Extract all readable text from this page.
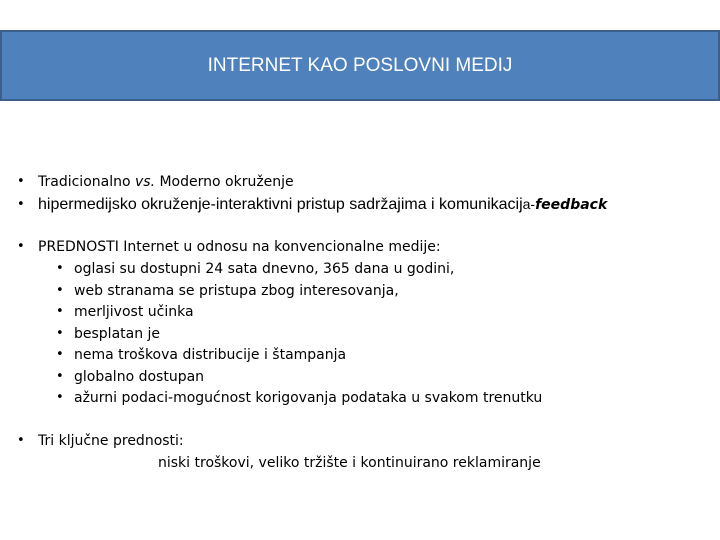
INTERNET KAO POSLOVNI MEDIJ
• Tradicionalno vs. Moderno okruženje
• hipermedijsko okruženje-interaktivni pristup sadržajima i komunikacija-feedback
• PREDNOSTI Internet u odnosu na konvencionalne medije:
• oglasi su dostupni 24 sata dnevno, 365 dana u godini,
• web stranama se pristupa zbog interesovanja,
• merljivost učinka
• besplatan je
• nema troškova distribucije i štampanja
• globalno dostupan
• ažurni podaci-mogućnost korigovanja podataka u svakom trenutku
• Tri ključne prednosti:
niski troškovi, veliko tržište i kontinuirano reklamiranje
